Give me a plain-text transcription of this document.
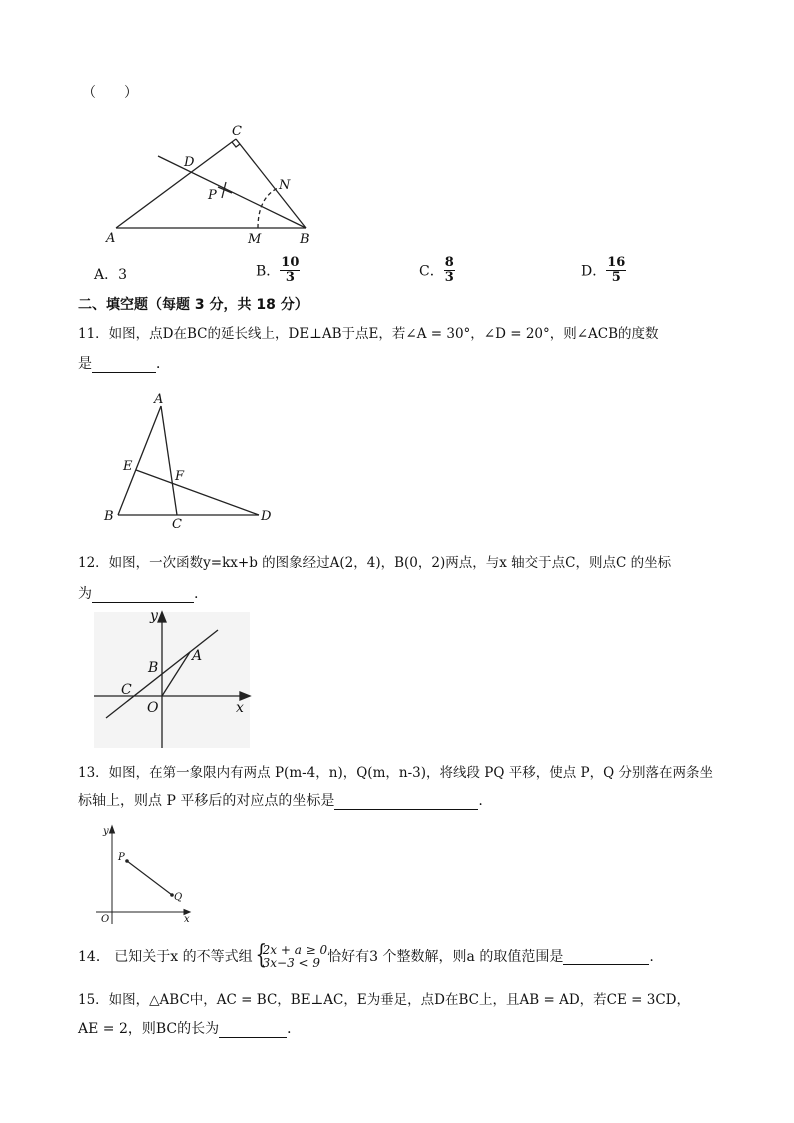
（　　）
A	B
C
D
M
N
P
A．3	B． $\frac{10}{3}$	C． $\frac{8}{3}$	D． $\frac{16}{5}$
二、填空题（每题 3 分，共 18 分）
11．如图，点D在BC的延长线上，DE⊥AB于点E，若∠A = 30°，∠D = 20°，则∠ACB的度数
是	．
A
B
C
D
E
F
12．如图，一次函数y=kx+b 的图象经过A(2，4)，B(0，2)两点，与x 轴交于点C，则点C 的坐标
为	.
y
x
O
A
B
C
13．如图，在第一象限内有两点 P(m-4，n)，Q(m，n-3)，将线段 PQ 平移，使点 P，Q 分别落在两条坐
标轴上，则点 P 平移后的对应点的坐标是	.
y
x
O
P
Q
14． 已知关于x 的不等式组
{ 2x + a ≥ 0
3x−3 < 9 恰好有3 个整数解，则a 的取值范围是	.
15．如图，△ABC中，AC = BC，BE⊥AC，E为垂足，点D在BC上，且AB = AD，若CE = 3CD，
AE = 2，则BC的长为	．
